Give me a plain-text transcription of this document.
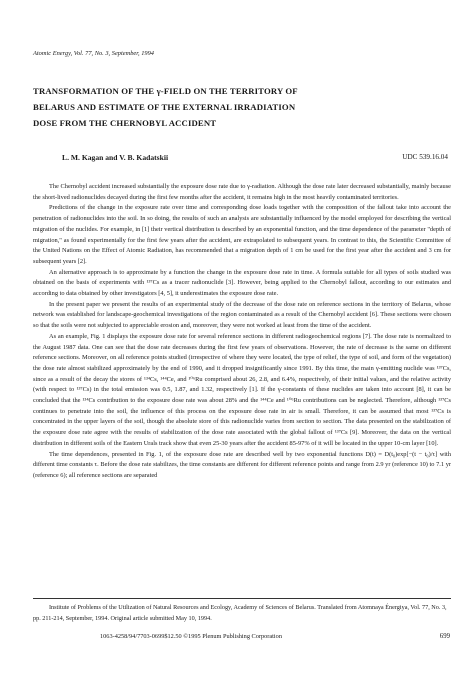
Atomic Energy, Vol. 77, No. 3, September, 1994
TRANSFORMATION OF THE γ-FIELD ON THE TERRITORY OF
BELARUS AND ESTIMATE OF THE EXTERNAL IRRADIATION
DOSE FROM THE CHERNOBYL ACCIDENT
L. M. Kagan and V. B. Kadatskii	UDC 539.16.04

The Chernobyl accident increased substantially the exposure dose rate due to γ-radiation. Although the dose rate later decreased substantially, mainly because the short-lived radionuclides decayed during the first few months after the accident, it remains high in the most heavily contaminated territories.

Predictions of the change in the exposure rate over time and corresponding dose loads together with the composition of the fallout take into account the penetration of radionuclides into the soil. In so doing, the results of such an analysis are substantially influenced by the model employed for describing the vertical migration of the nuclides. For example, in [1] their vertical distribution is described by an exponential function, and the time dependence of the parameter "depth of migration," as found experimentally for the first few years after the accident, are extrapolated to subsequent years. In contrast to this, the Scientific Committee of the United Nations on the Effect of Atomic Radiation, has recommended that a migration depth of 1 cm be used for the first year after the accident and 3 cm for subsequent years [2].

An alternative approach is to approximate by a function the change in the exposure dose rate in time. A formula suitable for all types of soils studied was obtained on the basis of experiments with ¹³⁷Cs as a tracer radionuclide [3]. However, being applied to the Chernobyl fallout, according to our estimates and according to data obtained by other investigators [4, 5], it underestimates the exposure dose rate.

In the present paper we present the results of an experimental study of the decrease of the dose rate on reference sections in the territory of Belarus, whose network was established for landscape-geochemical investigations of the region contaminated as a result of the Chernobyl accident [6]. These sections were chosen so that the soils were not subjected to appreciable erosion and, moreover, they were not worked at least from the time of the accident.

As an example, Fig. 1 displays the exposure dose rate for several reference sections in different radiogeochemical regions [7]. The dose rate is normalized to the August 1987 data. One can see that the dose rate decreases during the first few years of observations. However, the rate of decrease is the same on different reference sections. Moreover, on all reference points studied (irrespective of where they were located, the type of relief, the type of soil, and form of the vegetation) the dose rate almost stabilized approximately by the end of 1990, and it dropped insignificantly since 1991. By this time, the main γ-emitting nuclide was ¹³⁷Cs, since as a result of the decay the stores of ¹³⁴Cs, ¹⁴⁴Ce, and ¹⁰⁶Ru comprised about 26, 2.8, and 6.4%, respectively, of their initial values, and the relative activity (with respect to ¹³⁷Cs) in the total emission was 0.5, 1.87, and 1.32, respectively [1]. If the γ-constants of these nuclides are taken into account [8], it can be concluded that the ¹³⁴Cs contribution to the exposure dose rate was about 28% and the ¹⁴⁴Ce and ¹⁰⁶Ru contributions can be neglected. Therefore, although ¹³⁷Cs continues to penetrate into the soil, the influence of this process on the exposure dose rate in air is small. Therefore, it can be assumed that most ¹³⁷Cs is concentrated in the upper layers of the soil, though the absolute store of this radionuclide varies from section to section. The data presented on the stabilization of the exposure dose rate agree with the results of stabilization of the dose rate associated with the global fallout of ¹³⁷Cs [9]. Moreover, the data on the vertical distribution in different soils of the Eastern Urals track show that even 25-30 years after the accident 85-97% of it will be located in the upper 10-cm layer [10].

The time dependences, presented in Fig. 1, of the exposure dose rate are described well by two exponential functions D(t) = D(t₀)exp[−(t − t₀)/τ] with different time constants τ. Before the dose rate stabilizes, the time constants are different for different reference points and range from 2.9 yr (reference 10) to 7.1 yr (reference 6); all reference sections are separated

Institute of Problems of the Utilization of Natural Resources and Ecology, Academy of Sciences of Belarus. Translated from Atomnaya Énergiya, Vol. 77, No. 3, pp. 211-214, September, 1994. Original article submitted May 10, 1994.
1063-4258/94/7703-0699$12.50 ©1995 Plenum Publishing Corporation	699
